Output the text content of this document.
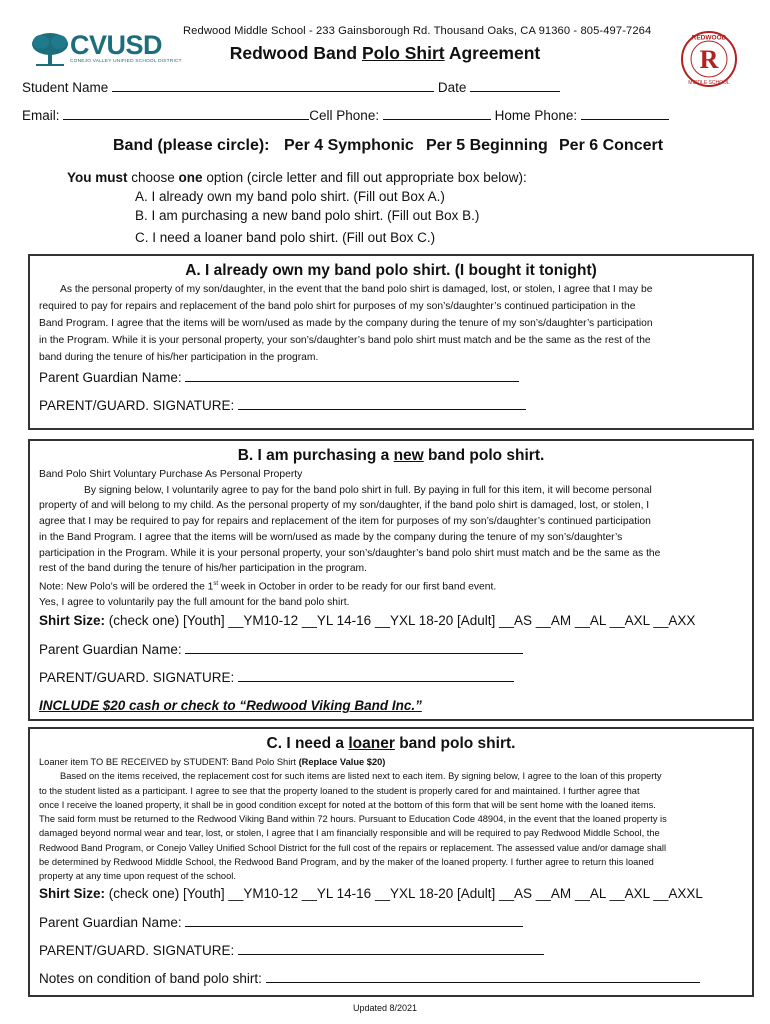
Redwood Middle School - 233 Gainsborough Rd. Thousand Oaks, CA 91360 - 805-497-7264
CVUSD
CONEJO VALLEY UNIFIED SCHOOL DISTRICT	Redwood Band Polo Shirt Agreement	R
REDWOOD
MIDDLE SCHOOL
Student Name	Date
Email:	Cell Phone:	Home Phone:
Band (please circle): Per 4 Symphonic Per 5 Beginning Per 6 Concert
You must choose one option (circle letter and fill out appropriate box below):
A. I already own my band polo shirt. (Fill out Box A.)
B. I am purchasing a new band polo shirt. (Fill out Box B.)
C. I need a loaner band polo shirt. (Fill out Box C.)
A. I already own my band polo shirt. (I bought it tonight)
As the personal property of my son/daughter, in the event that the band polo shirt is damaged, lost, or stolen, I agree that I may be
required to pay for repairs and replacement of the band polo shirt for purposes of my son’s/daughter’s continued participation in the
Band Program. I agree that the items will be worn/used as made by the company during the tenure of my son’s/daughter’s participation
in the Program. While it is your personal property, your son’s/daughter’s band polo shirt must match and be the same as the rest of the
band during the tenure of his/her participation in the program.
Parent Guardian Name:
PARENT/GUARD. SIGNATURE:
B. I am purchasing a new band polo shirt.
Band Polo Shirt Voluntary Purchase As Personal Property
By signing below, I voluntarily agree to pay for the band polo shirt in full. By paying in full for this item, it will become personal
property of and will belong to my child. As the personal property of my son/daughter, if the band polo shirt is damaged, lost, or stolen, I
agree that I may be required to pay for repairs and replacement of the item for purposes of my son’s/daughter’s continued participation
in the Band Program. I agree that the items will be worn/used as made by the company during the tenure of my son’s/daughter’s
participation in the Program. While it is your personal property, your son’s/daughter’s band polo shirt must match and be the same as the
rest of the band during the tenure of his/her participation in the program.
Note: New Polo’s will be ordered the 1st week in October in order to be ready for our first band event.
Yes, I agree to voluntarily pay the full amount for the band polo shirt.
Shirt Size: (check one) [Youth] __YM10-12 __YL 14-16 __YXL 18-20 [Adult] __AS __AM __AL __AXL __AXX
Parent Guardian Name:
PARENT/GUARD. SIGNATURE:
INCLUDE $20 cash or check to “Redwood Viking Band Inc.”
C. I need a loaner band polo shirt.
Loaner item TO BE RECEIVED by STUDENT: Band Polo Shirt (Replace Value $20)
Based on the items received, the replacement cost for such items are listed next to each item. By signing below, I agree to the loan of this property
to the student listed as a participant. I agree to see that the property loaned to the student is properly cared for and maintained. I further agree that
once I receive the loaned property, it shall be in good condition except for noted at the bottom of this form that will be sent home with the loaned items.
The said form must be returned to the Redwood Viking Band within 72 hours. Pursuant to Education Code 48904, in the event that the loaned property is
damaged beyond normal wear and tear, lost, or stolen, I agree that I am financially responsible and will be required to pay Redwood Middle School, the
Redwood Band Program, or Conejo Valley Unified School District for the full cost of the repairs or replacement. The assessed value and/or damage shall
be determined by Redwood Middle School, the Redwood Band Program, and by the maker of the loaned property. I further agree to return this loaned
property at any time upon request of the school.
Shirt Size: (check one) [Youth] __YM10-12 __YL 14-16 __YXL 18-20 [Adult] __AS __AM __AL __AXL __AXXL
Parent Guardian Name:
PARENT/GUARD. SIGNATURE:
Notes on condition of band polo shirt:
Updated 8/2021
